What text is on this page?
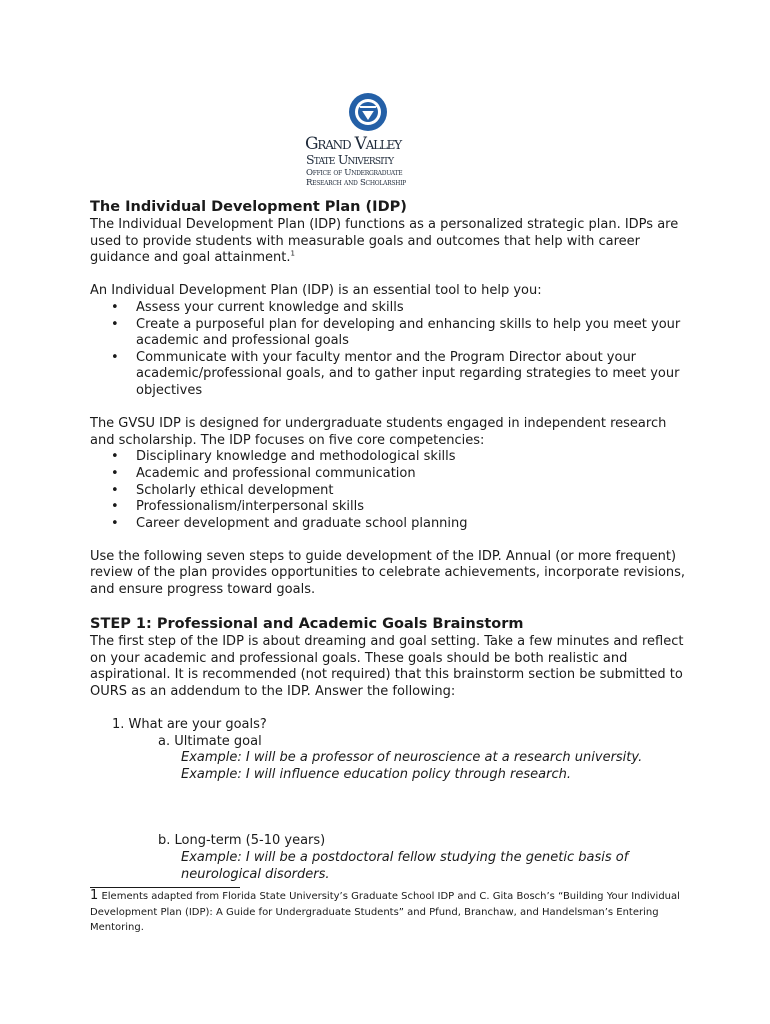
Grand Valley
State University
Office of Undergraduate
Research and Scholarship
The Individual Development Plan (IDP)

The Individual Development Plan (IDP) functions as a personalized strategic plan. IDPs are used to provide students with measurable goals and outcomes that help with career guidance and goal attainment.$^1$

An Individual Development Plan (IDP) is an essential tool to help you:

• Assess your current knowledge and skills
• Create a purposeful plan for developing and enhancing skills to help you meet your academic and professional goals
• Communicate with your faculty mentor and the Program Director about your academic/professional goals, and to gather input regarding strategies to meet your objectives

The GVSU IDP is designed for undergraduate students engaged in independent research and scholarship. The IDP focuses on five core competencies:

• Disciplinary knowledge and methodological skills
• Academic and professional communication
• Scholarly ethical development
• Professionalism/interpersonal skills
• Career development and graduate school planning

Use the following seven steps to guide development of the IDP. Annual (or more frequent) review of the plan provides opportunities to celebrate achievements, incorporate revisions, and ensure progress toward goals.

STEP 1: Professional and Academic Goals Brainstorm

The first step of the IDP is about dreaming and goal setting. Take a few minutes and reflect on your academic and professional goals. These goals should be both realistic and aspirational. It is recommended (not required) that this brainstorm section be submitted to OURS as an addendum to the IDP. Answer the following:

1. What are your goals?

a. Ultimate goal

Example: I will be a professor of neuroscience at a research university.

Example: I will influence education policy through research.

b. Long-term (5-10 years)

Example: I will be a postdoctoral fellow studying the genetic basis of neurological disorders.

1 Elements adapted from Florida State University’s Graduate School IDP and C. Gita Bosch’s “Building Your Individual Development Plan (IDP): A Guide for Undergraduate Students” and Pfund, Branchaw, and Handelsman’s Entering Mentoring.
